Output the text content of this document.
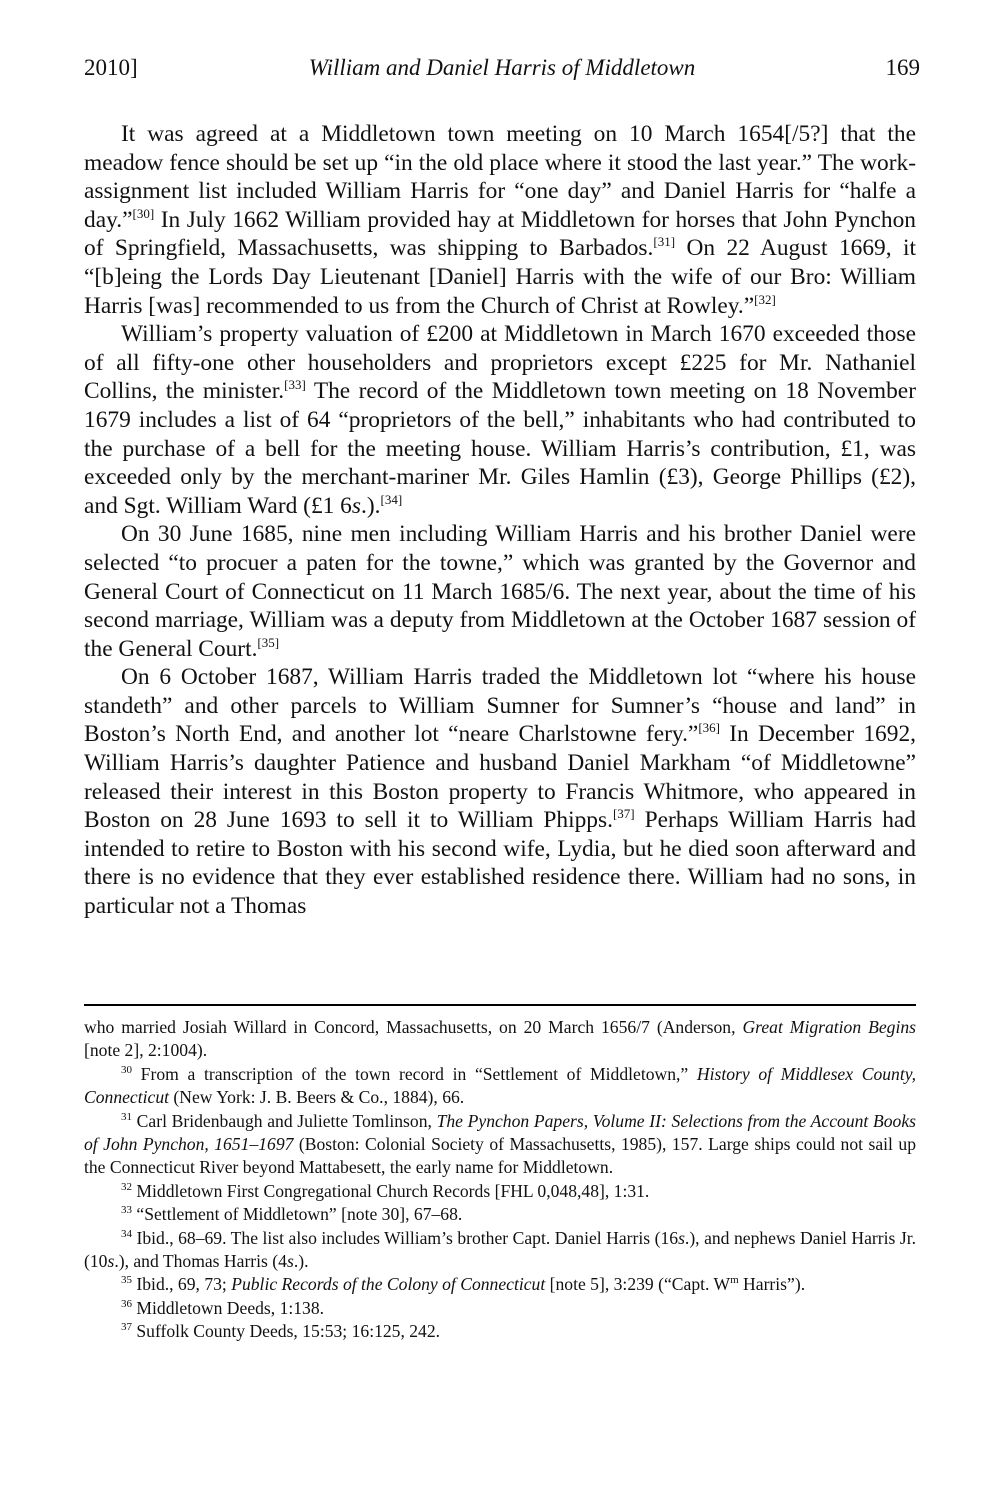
2010]	William and Daniel Harris of Middletown	169

It was agreed at a Middletown town meeting on 10 March 1654[/5?] that the meadow fence should be set up “in the old place where it stood the last year.” The work-assignment list included William Harris for “one day” and Daniel Harris for “halfe a day.”[30] In July 1662 William provided hay at Middletown for horses that John Pynchon of Springfield, Massachusetts, was shipping to Barbados.[31] On 22 August 1669, it “[b]eing the Lords Day Lieutenant [Daniel] Harris with the wife of our Bro: William Harris [was] recommended to us from the Church of Christ at Rowley.”[32]

William’s property valuation of £200 at Middletown in March 1670 exceeded those of all fifty-one other householders and proprietors except £225 for Mr. Nathaniel Collins, the minister.[33] The record of the Middletown town meeting on 18 November 1679 includes a list of 64 “proprietors of the bell,” inhabitants who had contributed to the purchase of a bell for the meeting house. William Harris’s contribution, £1, was exceeded only by the merchant-mariner Mr. Giles Hamlin (£3), George Phillips (£2), and Sgt. William Ward (£1 6s.).[34]

On 30 June 1685, nine men including William Harris and his brother Daniel were selected “to procuer a paten for the towne,” which was granted by the Governor and General Court of Connecticut on 11 March 1685/6. The next year, about the time of his second marriage, William was a deputy from Middletown at the October 1687 session of the General Court.[35]

On 6 October 1687, William Harris traded the Middletown lot “where his house standeth” and other parcels to William Sumner for Sumner’s “house and land” in Boston’s North End, and another lot “neare Charlstowne fery.”[36] In December 1692, William Harris’s daughter Patience and husband Daniel Markham “of Middletowne” released their interest in this Boston property to Francis Whitmore, who appeared in Boston on 28 June 1693 to sell it to William Phipps.[37] Perhaps William Harris had intended to retire to Boston with his second wife, Lydia, but he died soon afterward and there is no evidence that they ever established residence there. William had no sons, in particular not a Thomas

who married Josiah Willard in Concord, Massachusetts, on 20 March 1656/7 (Anderson, Great Migration Begins [note 2], 2:1004).

$^{30}$ From a transcription of the town record in “Settlement of Middletown,” History of Middlesex County, Connecticut (New York: J. B. Beers & Co., 1884), 66.

$^{31}$ Carl Bridenbaugh and Juliette Tomlinson, The Pynchon Papers, Volume II: Selections from the Account Books of John Pynchon, 1651–1697 (Boston: Colonial Society of Massachusetts, 1985), 157. Large ships could not sail up the Connecticut River beyond Mattabesett, the early name for Middletown.

$^{32}$ Middletown First Congregational Church Records [FHL 0,048,48], 1:31.

$^{33}$ “Settlement of Middletown” [note 30], 67–68.

$^{34}$ Ibid., 68–69. The list also includes William’s brother Capt. Daniel Harris (16s.), and nephews Daniel Harris Jr. (10s.), and Thomas Harris (4s.).

$^{35}$ Ibid., 69, 73; Public Records of the Colony of Connecticut [note 5], 3:239 (“Capt. $W^m$ Harris”).

$^{36}$ Middletown Deeds, 1:138.

$^{37}$ Suffolk County Deeds, 15:53; 16:125, 242.
